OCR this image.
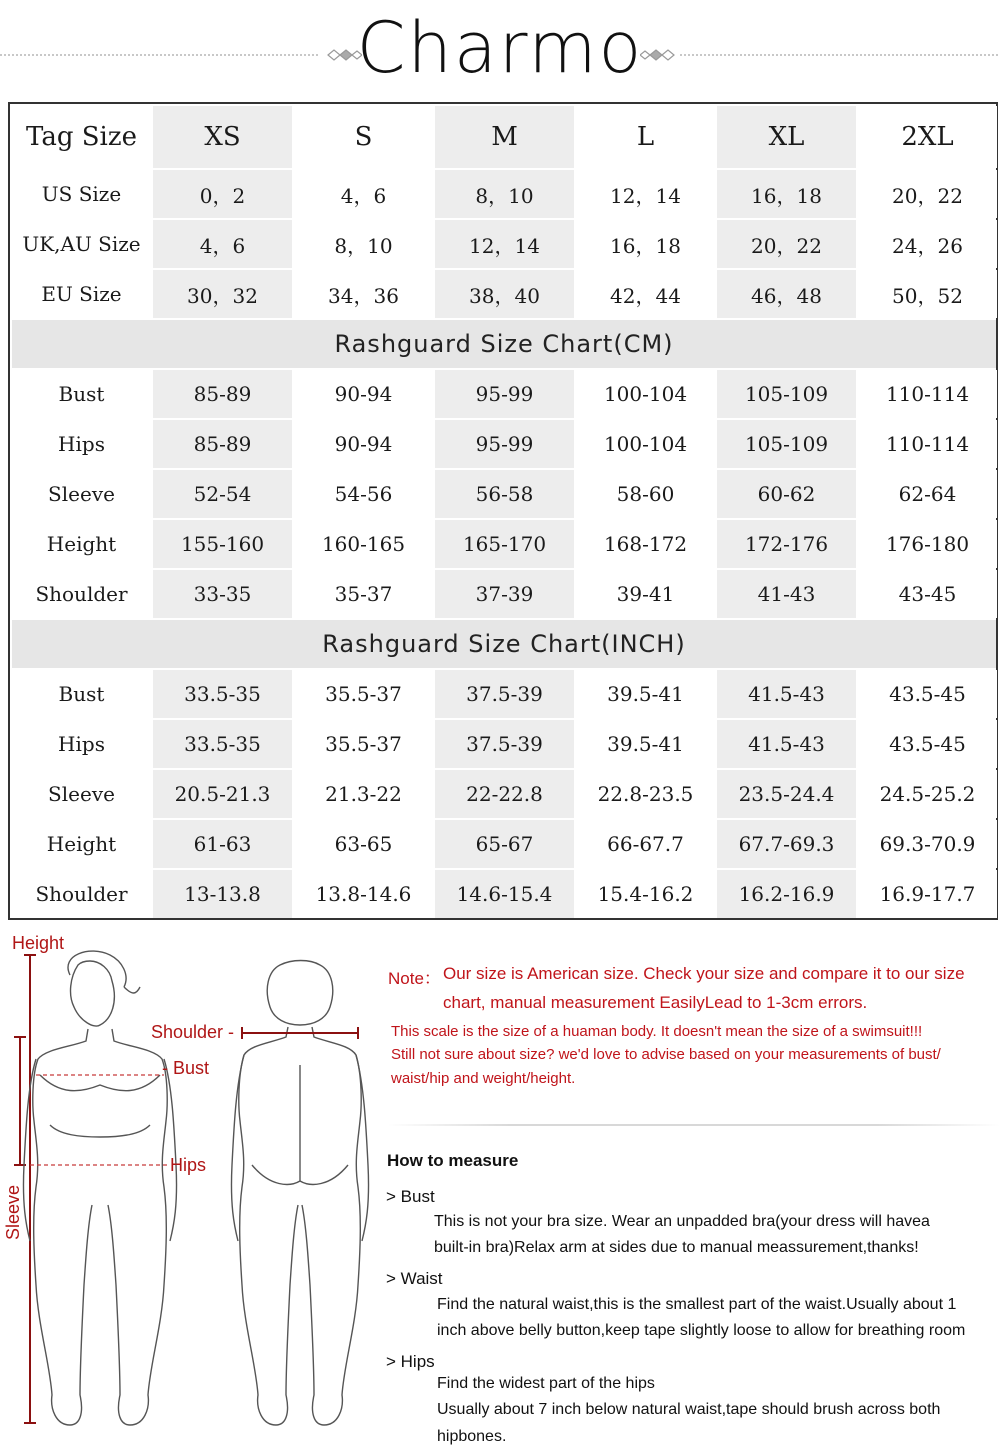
Charmo
Tag Size	XS	S	M	L	XL	2XL
US Size	0，2	4，6	8，10	12，14	16，18	20，22
UK,AU Size	4，6	8，10	12，14	16，18	20，22	24，26
EU Size	30，32	34，36	38，40	42，44	46，48	50，52
Rashguard Size Chart(CM)
Bust	85-89	90-94	95-99	100-104	105-109	110-114
Hips	85-89	90-94	95-99	100-104	105-109	110-114
Sleeve	52-54	54-56	56-58	58-60	60-62	62-64
Height	155-160	160-165	165-170	168-172	172-176	176-180
Shoulder	33-35	35-37	37-39	39-41	41-43	43-45
Rashguard Size Chart(INCH)
Bust	33.5-35	35.5-37	37.5-39	39.5-41	41.5-43	43.5-45
Hips	33.5-35	35.5-37	37.5-39	39.5-41	41.5-43	43.5-45
Sleeve	20.5-21.3	21.3-22	22-22.8	22.8-23.5	23.5-24.4	24.5-25.2
Height	61-63	63-65	65-67	66-67.7	67.7-69.3	69.3-70.9
Shoulder	13-13.8	13.8-14.6	14.6-15.4	15.4-16.2	16.2-16.9	16.9-17.7
Height
Shoulder -
- Bust
Hips
Sleeve
Note： Our size is American size. Check your size and compare it to our size
chart, manual measurement EasilyLead to 1-3cm errors.
This scale is the size of a huaman body. It doesn't mean the size of a swimsuit!!!
Still not sure about size? we'd love to advise based on your measurements of bust/
waist/hip and weight/height.
How to measure
> Bust
This is not your bra size. Wear an unpadded bra(your dress will havea
built-in bra)Relax arm at sides due to manual meassurement,thanks!
> Waist
Find the natural waist,this is the smallest part of the waist.Usually about 1
inch above belly button,keep tape slightly loose to allow for breathing room
> Hips
Find the widest part of the hips
Usually about 7 inch below natural waist,tape should brush across both
hipbones.
